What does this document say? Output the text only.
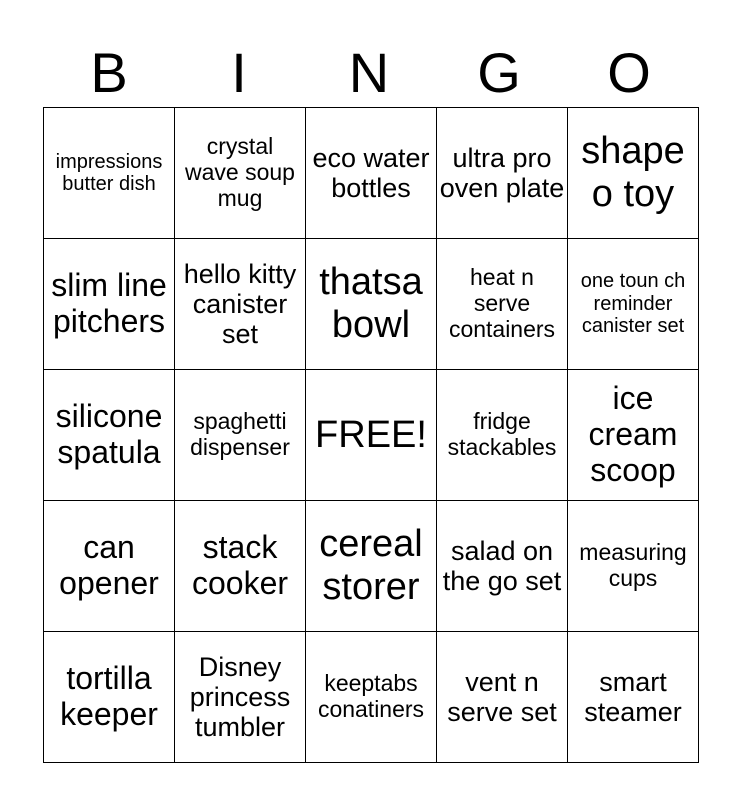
B	I	N	G	O
impressions butter dish	crystal wave soup mug	eco water bottles	ultra pro oven plate	shape o toy

slim line pitchers	hello kitty canister set	thatsa bowl	heat n serve containers	one toun ch reminder canister set

silicone spatula	spaghetti dispenser	FREE!	fridge stackables	ice cream scoop

can opener	stack cooker	cereal storer	salad on the go set	measuring cups

tortilla keeper	Disney princess tumbler	keeptabs conatiners	vent n serve set	smart steamer
